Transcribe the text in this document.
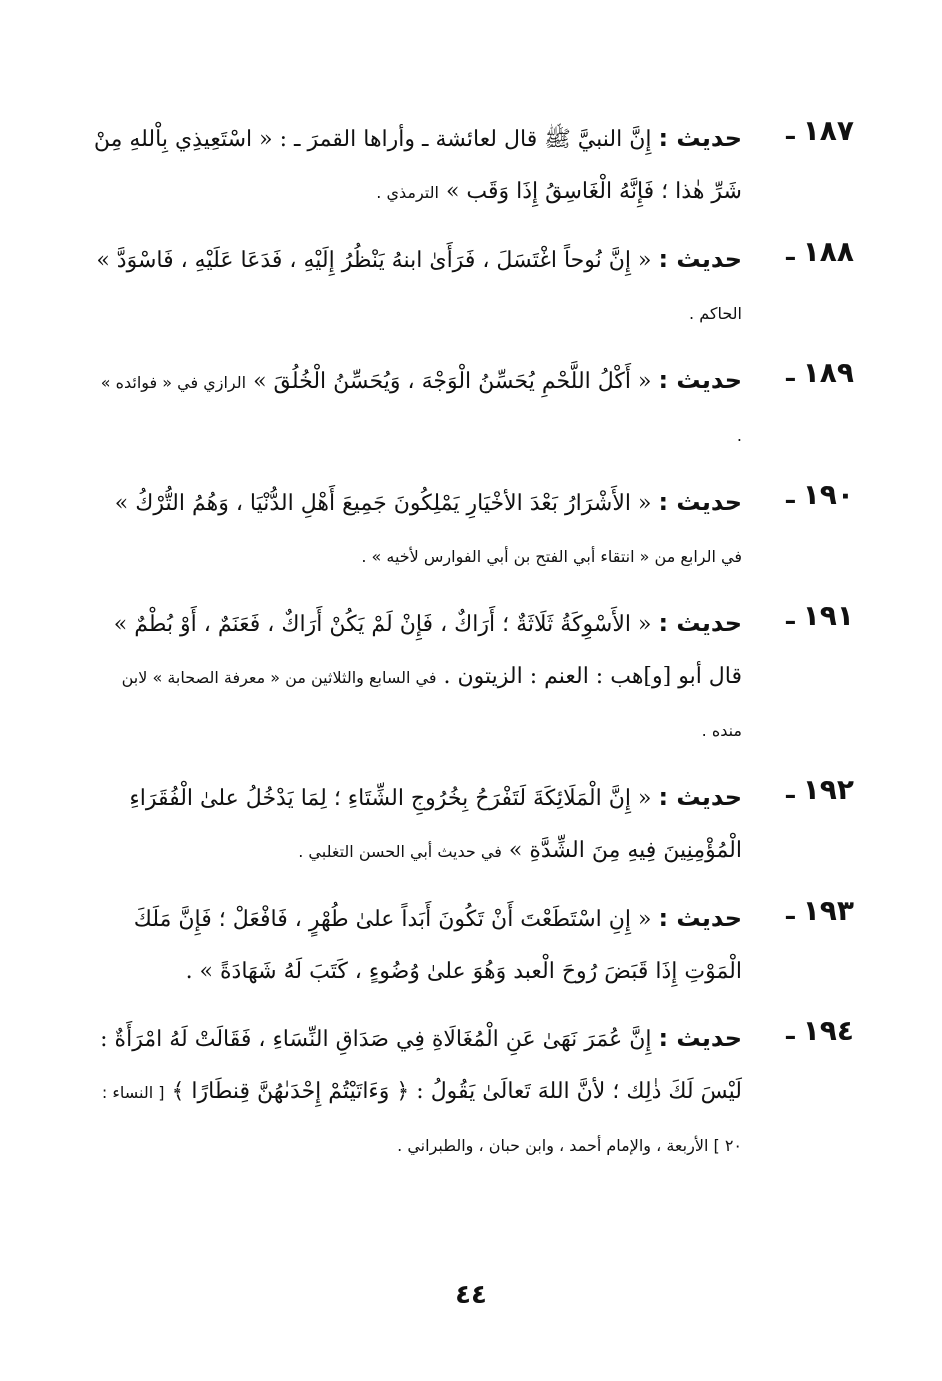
١٨٧
ـ
حديث : إِنَّ النبيَّ ﷺ قال لعائشة ـ وأراها القمرَ ـ : « اسْتَعِيذِي بِاْللهِ مِنْ شَرِّ هٰذا ؛ فَإِنَّهُ الْغَاسِقُ إِذَا وَقَب » الترمذي .
١٨٨
ـ
حديث : « إِنَّ نُوحاً اغْتَسَلَ ، فَرَأَىٰ ابنهُ يَنْظُرُ إِلَيْهِ ، فَدَعَا عَلَيْهِ ، فَاسْوَدَّ » الحاكم .
١٨٩
ـ
حديث : « أَكْلُ اللَّحْمِ يُحَسِّنُ الْوَجْهَ ، وَيُحَسِّنُ الْخُلُقَ » الرازي في « فوائده » .
١٩٠
ـ
حديث : « الأَشْرَارُ بَعْدَ الأخْيَارِ يَمْلِكُونَ جَمِيعَ أَهْلِ الدُّنْيَا ، وَهُمُ التُّرْكُ » في الرابع من « انتقاء أبي الفتح بن أبي الفوارس لأخيه » .
١٩١
ـ
حديث : « الأَسْوِكَةُ ثَلَاثَةٌ ؛ أَرَاكٌ ، فَإِنْ لَمْ يَكُنْ أَرَاكٌ ، فَعَنَمٌ ، أَوْ بُطْمٌ » قال أبو [و]هب : العنم : الزيتون . في السابع والثلاثين من « معرفة الصحابة » لابن منده .
١٩٢
ـ
حديث : « إِنَّ الْمَلَائِكَةَ لَتَفْرَحُ بِخُرُوجِ الشِّتَاءِ ؛ لِمَا يَدْخُلُ علىٰ الْفُقَرَاءِ الْمُؤْمِنِينَ فِيهِ مِنَ الشِّدَّةِ » في حديث أبي الحسن التغلبي .
١٩٣
ـ
حديث : « إِنِ اسْتَطَعْتَ أَنْ تَكُونَ أَبَداً علىٰ طُهْرٍ ، فَافْعَلْ ؛ فَإِنَّ مَلَكَ الْمَوْتِ إِذَا قَبَضَ رُوحَ الْعبد وَهُوَ علىٰ وُضُوءٍ ، كَتَبَ لَهُ شَهَادَةً » .
١٩٤
ـ
حديث : إِنَّ عُمَرَ نَهَىٰ عَنِ الْمُغَالَاةِ فِي صَدَاقِ النِّسَاءِ ، فَقَالَتْ لَهُ امْرَأَةٌ : لَيْسَ لَكَ ذٰلِك ؛ لأنَّ اللهَ تَعالَىٰ يَقُولُ : ﴿ وَءَاتَيْتُمْ إِحْدَىٰهُنَّ قِنطَارًا ﴾ [ النساء : ٢٠ ] الأربعة ، والإمام أحمد ، وابن حبان ، والطبراني .
٤٤
